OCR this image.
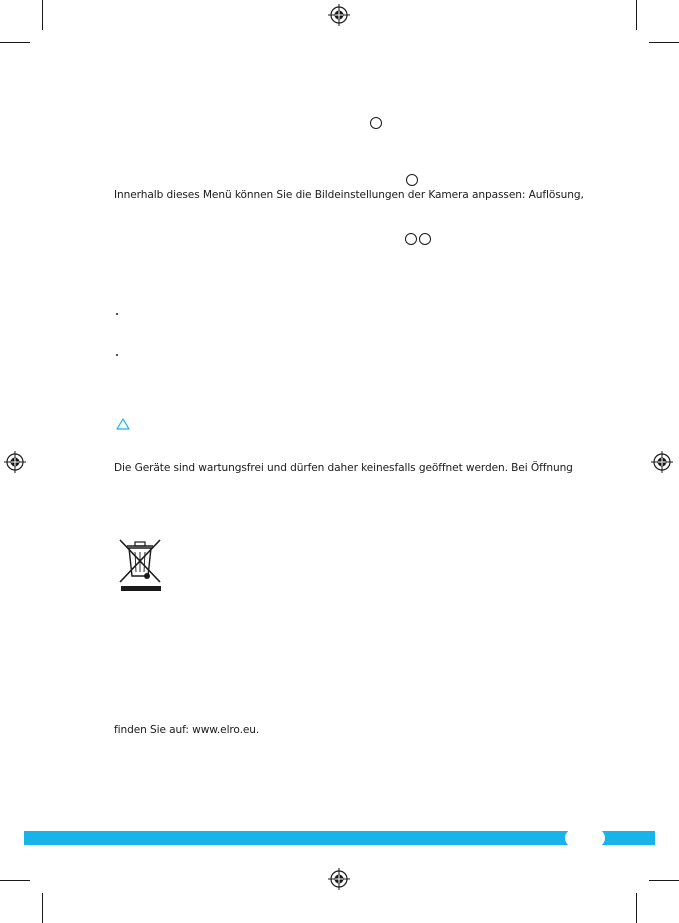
Innerhalb dieses Menü können Sie die Bildeinstellungen der Kamera anpassen: Auflösung,
Die Geräte sind wartungsfrei und dürfen daher keinesfalls geöffnet werden. Bei Öffnung
finden Sie auf: www.elro.eu.
